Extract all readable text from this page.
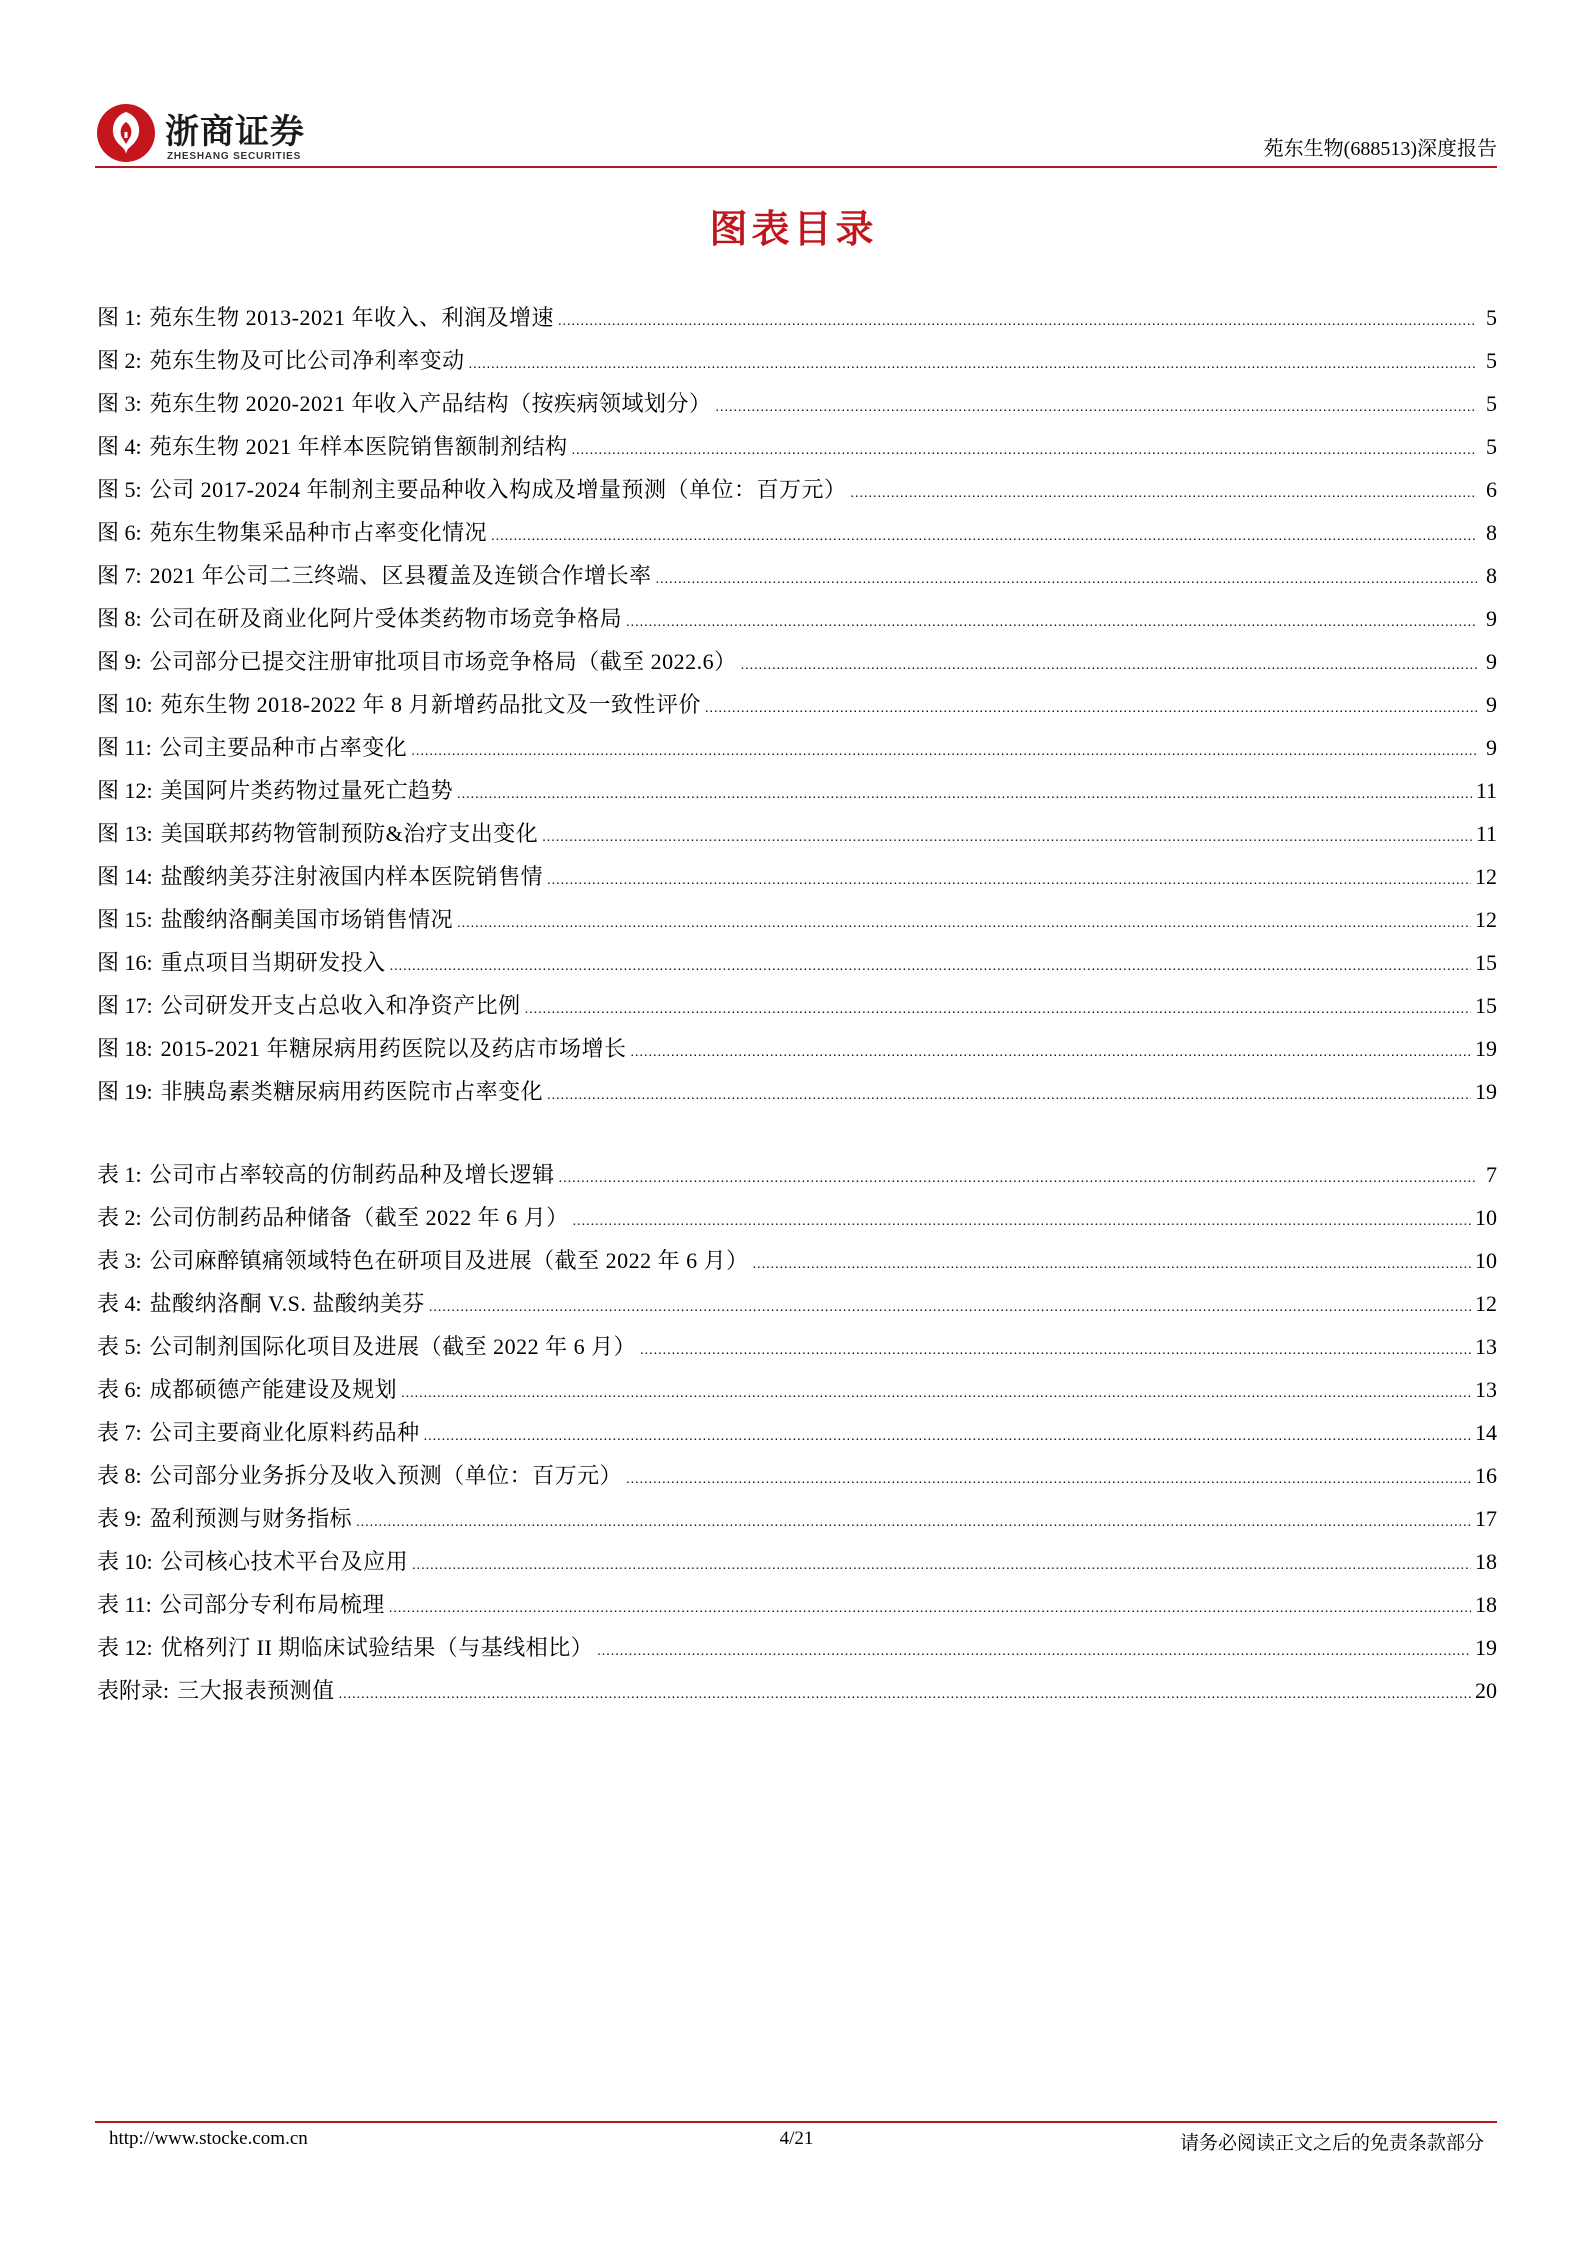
浙商证券
ZHESHANG SECURITIES	苑东生物(688513)深度报告
图表目录
图 1: 苑东生物 2013-2021 年收入、利润及增速 .....	5
图 2: 苑东生物及可比公司净利率变动 .....	5
图 3: 苑东生物 2020-2021 年收入产品结构（按疾病领域划分） .....	5
图 4: 苑东生物 2021 年样本医院销售额制剂结构 .....	5
图 5: 公司 2017-2024 年制剂主要品种收入构成及增量预测（单位：百万元） .....	6
图 6: 苑东生物集采品种市占率变化情况 .....	8
图 7: 2021 年公司二三终端、区县覆盖及连锁合作增长率 .....	8
图 8: 公司在研及商业化阿片受体类药物市场竞争格局 .....	9
图 9: 公司部分已提交注册审批项目市场竞争格局（截至 2022.6） .....	9
图 10: 苑东生物 2018-2022 年 8 月新增药品批文及一致性评价 .....	9
图 11: 公司主要品种市占率变化 .....	9
图 12: 美国阿片类药物过量死亡趋势 .....	11
图 13: 美国联邦药物管制预防&治疗支出变化 .....	11
图 14: 盐酸纳美芬注射液国内样本医院销售情 .....	12
图 15: 盐酸纳洛酮美国市场销售情况 .....	12
图 16: 重点项目当期研发投入 .....	15
图 17: 公司研发开支占总收入和净资产比例 .....	15
图 18: 2015-2021 年糖尿病用药医院以及药店市场增长 .....	19
图 19: 非胰岛素类糖尿病用药医院市占率变化 .....	19
表 1: 公司市占率较高的仿制药品种及增长逻辑 .....	7
表 2: 公司仿制药品种储备（截至 2022 年 6 月） .....	10
表 3: 公司麻醉镇痛领域特色在研项目及进展（截至 2022 年 6 月） .....	10
表 4: 盐酸纳洛酮 V.S. 盐酸纳美芬 .....	12
表 5: 公司制剂国际化项目及进展（截至 2022 年 6 月） .....	13
表 6: 成都硕德产能建设及规划 .....	13
表 7: 公司主要商业化原料药品种 .....	14
表 8: 公司部分业务拆分及收入预测（单位：百万元） .....	16
表 9: 盈利预测与财务指标 .....	17
表 10: 公司核心技术平台及应用 .....	18
表 11: 公司部分专利布局梳理 .....	18
表 12: 优格列汀 II 期临床试验结果（与基线相比） .....	19
表附录: 三大报表预测值 .....	20
http://www.stocke.com.cn	4/21	请务必阅读正文之后的免责条款部分
